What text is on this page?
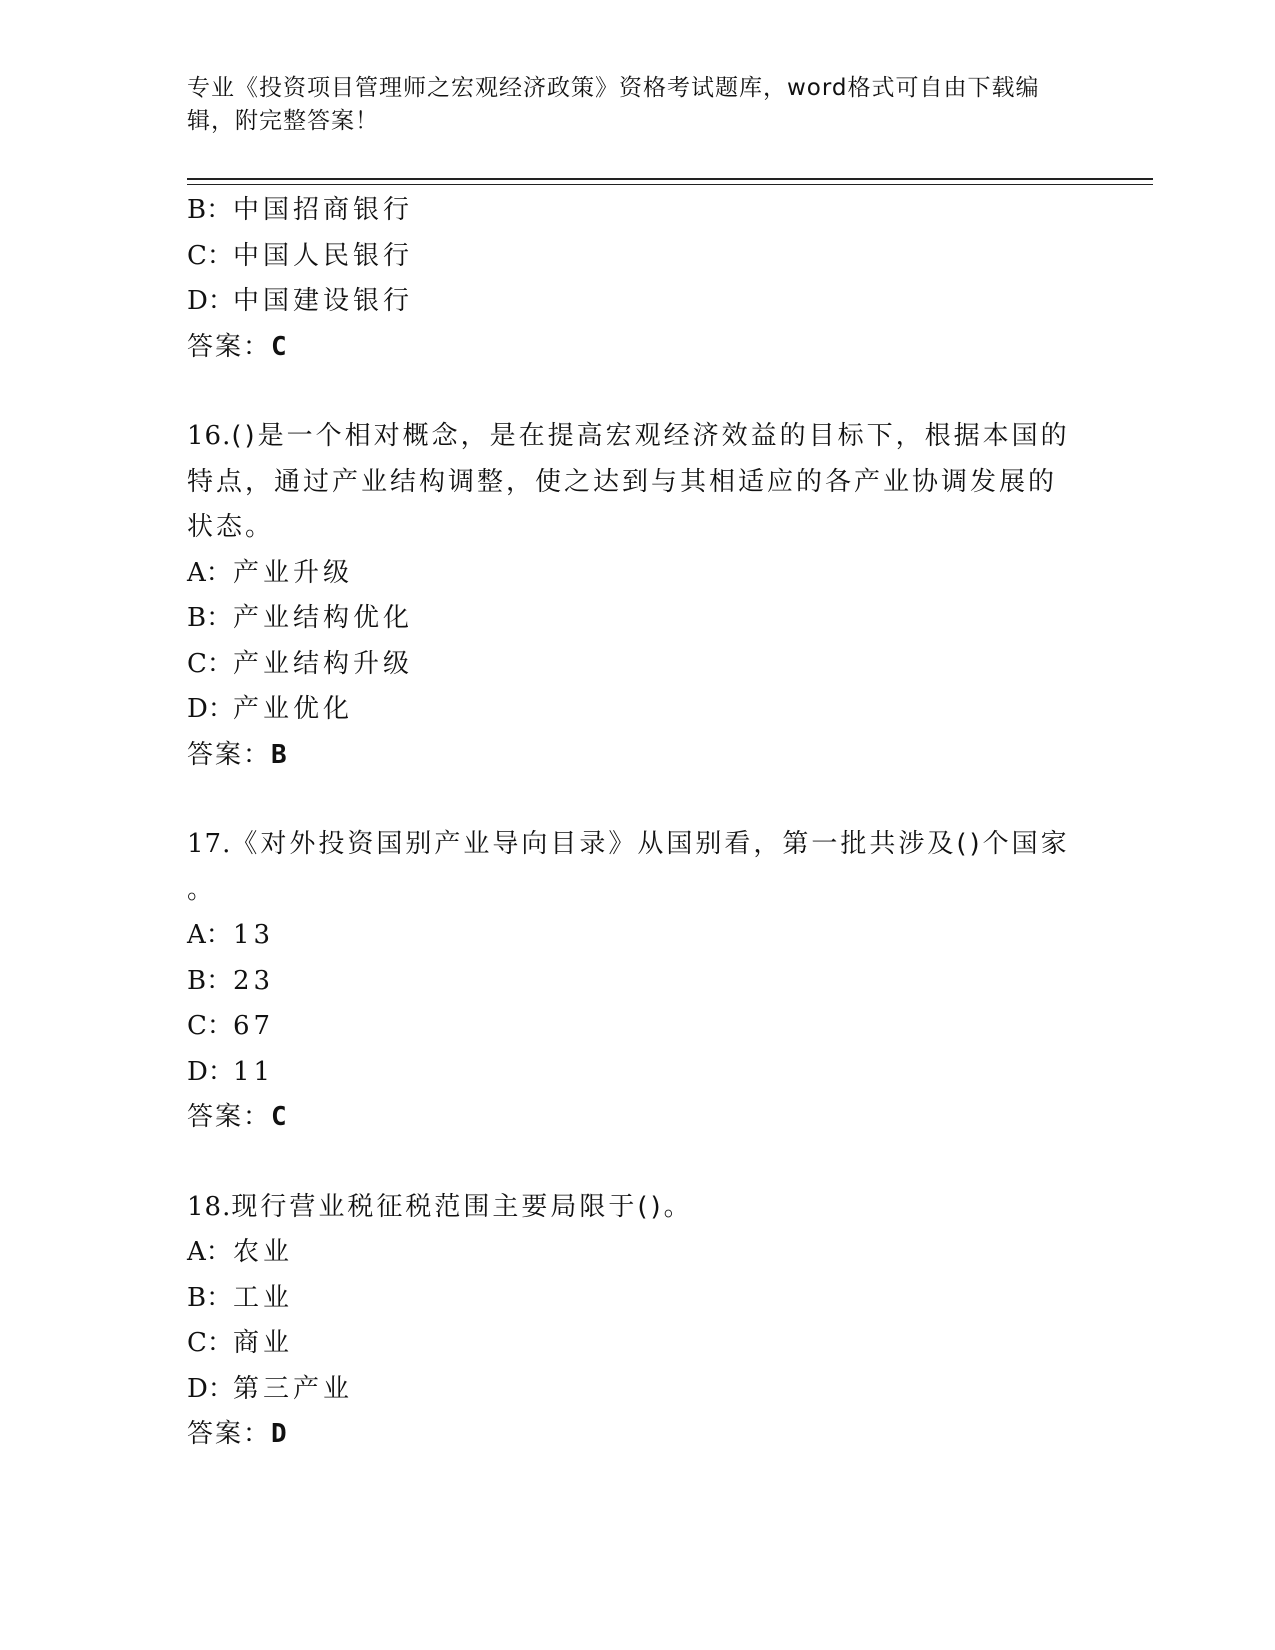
专业《投资项目管理师之宏观经济政策》资格考试题库，word格式可自由下载编
辑，附完整答案！
B：中国招商银行
C：中国人民银行
D：中国建设银行
答案：C
16.()是一个相对概念，是在提高宏观经济效益的目标下，根据本国的
特点，通过产业结构调整，使之达到与其相适应的各产业协调发展的
状态。
A：产业升级
B：产业结构优化
C：产业结构升级
D：产业优化
答案：B
17.《对外投资国别产业导向目录》从国别看，第一批共涉及()个国家
。
A：13
B：23
C：67
D：11
答案：C
18.现行营业税征税范围主要局限于()。
A：农业
B：工业
C：商业
D：第三产业
答案：D
